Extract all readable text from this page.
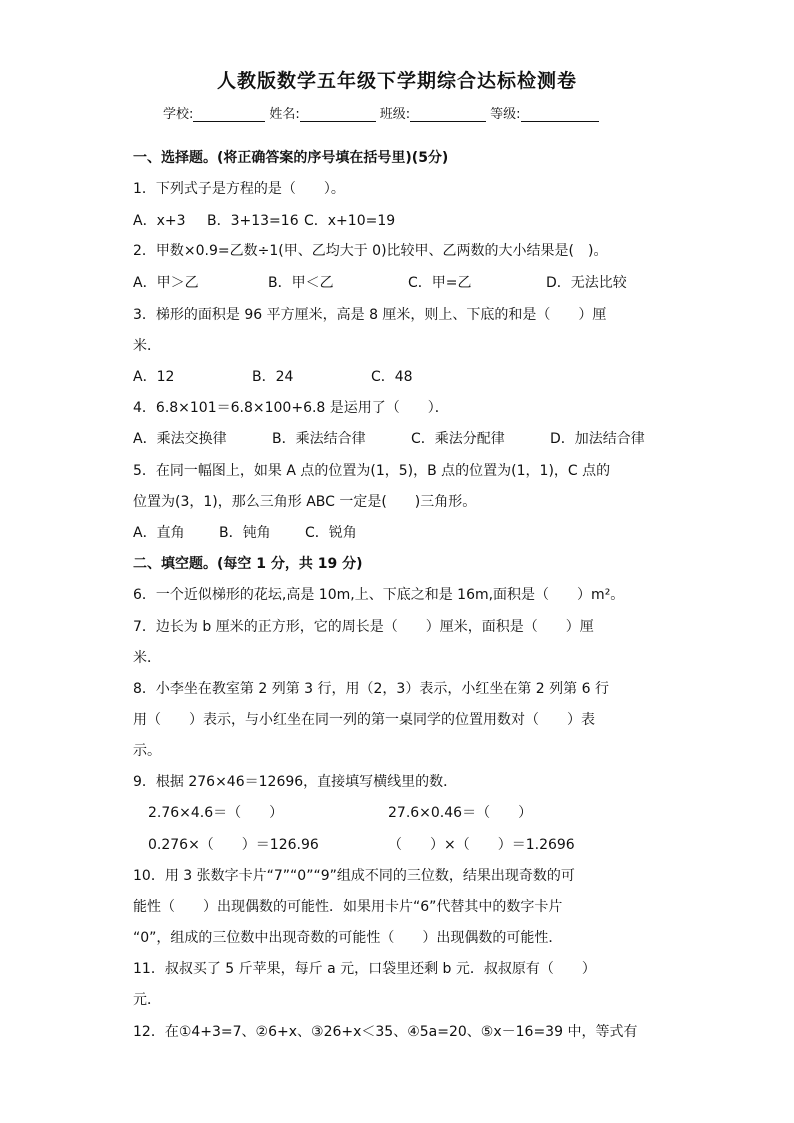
人教版数学五年级下学期综合达标检测卷
学校:	姓名:	班级:	等级:
一、选择题。(将正确答案的序号填在括号里)(5分)
1．下列式子是方程的是（　　）。
A．x+3 B．3+13=16 C．x+10=19
2．甲数×0.9=乙数÷1(甲、乙均大于 0)比较甲、乙两数的大小结果是(　)。
A．甲＞乙	B．甲＜乙	C．甲=乙	D．无法比较
3．梯形的面积是 96 平方厘米，高是 8 厘米，则上、下底的和是（　　）厘
米．
A．12	B．24	C．48
4．6.8×101＝6.8×100+6.8 是运用了（　　）．
A．乘法交换律	B．乘法结合律	C．乘法分配律	D．加法结合律
5．在同一幅图上，如果 A 点的位置为(1，5)，B 点的位置为(1，1)，C 点的
位置为(3，1)，那么三角形 ABC 一定是(　　)三角形。
A．直角 B．钝角 C．锐角
二、填空题。(每空 1 分，共 19 分)
6．一个近似梯形的花坛,高是 10m,上、下底之和是 16m,面积是（　　）m²。
7．边长为 b 厘米的正方形，它的周长是（　　）厘米，面积是（　　）厘
米．
8．小李坐在教室第 2 列第 3 行，用（2，3）表示，小红坐在第 2 列第 6 行
用（　　）表示，与小红坐在同一列的第一桌同学的位置用数对（　　）表
示。
9．根据 276×46＝12696，直接填写横线里的数．
2.76×4.6＝（　　）	27.6×0.46＝（　　）
0.276×（　　）＝126.96	（　　）×（　　）＝1.2696
10．用 3 张数字卡片“7”“0”“9”组成不同的三位数，结果出现奇数的可
能性（　　）出现偶数的可能性．如果用卡片“6”代替其中的数字卡片
“0”，组成的三位数中出现奇数的可能性（　　）出现偶数的可能性．
11．叔叔买了 5 斤苹果，每斤 a 元，口袋里还剩 b 元．叔叔原有（　　）
元．
12．在①4+3=7、②6+x、③26+x＜35、④5a=20、⑤x－16=39 中，等式有
